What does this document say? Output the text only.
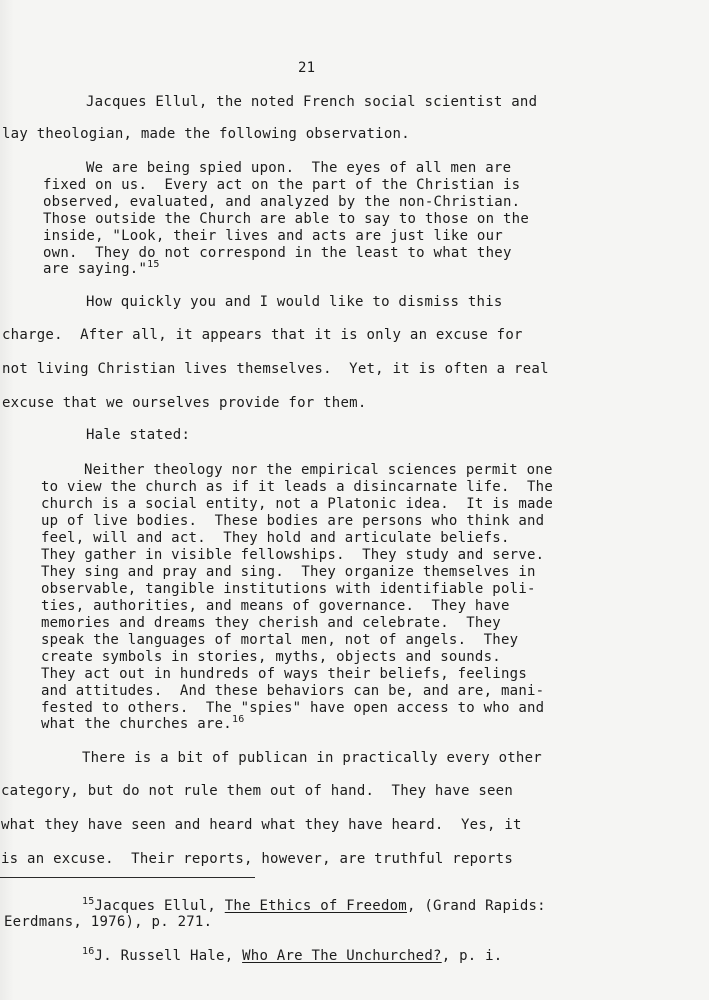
21
Jacques Ellul, the noted French social scientist and
lay theologian, made the following observation.
We are being spied upon.  The eyes of all men are
fixed on us.  Every act on the part of the Christian is
observed, evaluated, and analyzed by the non-Christian.
Those outside the Church are able to say to those on the
inside, "Look, their lives and acts are just like our
own.  They do not correspond in the least to what they
are saying."$^{15}$
How quickly you and I would like to dismiss this
charge.  After all, it appears that it is only an excuse for
not living Christian lives themselves.  Yet, it is often a real
excuse that we ourselves provide for them.
Hale stated:
Neither theology nor the empirical sciences permit one
to view the church as if it leads a disincarnate life.  The
church is a social entity, not a Platonic idea.  It is made
up of live bodies.  These bodies are persons who think and
feel, will and act.  They hold and articulate beliefs.
They gather in visible fellowships.  They study and serve.
They sing and pray and sing.  They organize themselves in
observable, tangible institutions with identifiable poli-
ties, authorities, and means of governance.  They have
memories and dreams they cherish and celebrate.  They
speak the languages of mortal men, not of angels.  They
create symbols in stories, myths, objects and sounds.
They act out in hundreds of ways their beliefs, feelings
and attitudes.  And these behaviors can be, and are, mani-
fested to others.  The "spies" have open access to who and
what the churches are.$^{16}$
There is a bit of publican in practically every other
category, but do not rule them out of hand.  They have seen
what they have seen and heard what they have heard.  Yes, it
is an excuse.  Their reports, however, are truthful reports
$^{15}$Jacques Ellul, The Ethics of Freedom, (Grand Rapids:
Eerdmans, 1976), p. 271.
$^{16}$J. Russell Hale, Who Are The Unchurched?, p. i.
